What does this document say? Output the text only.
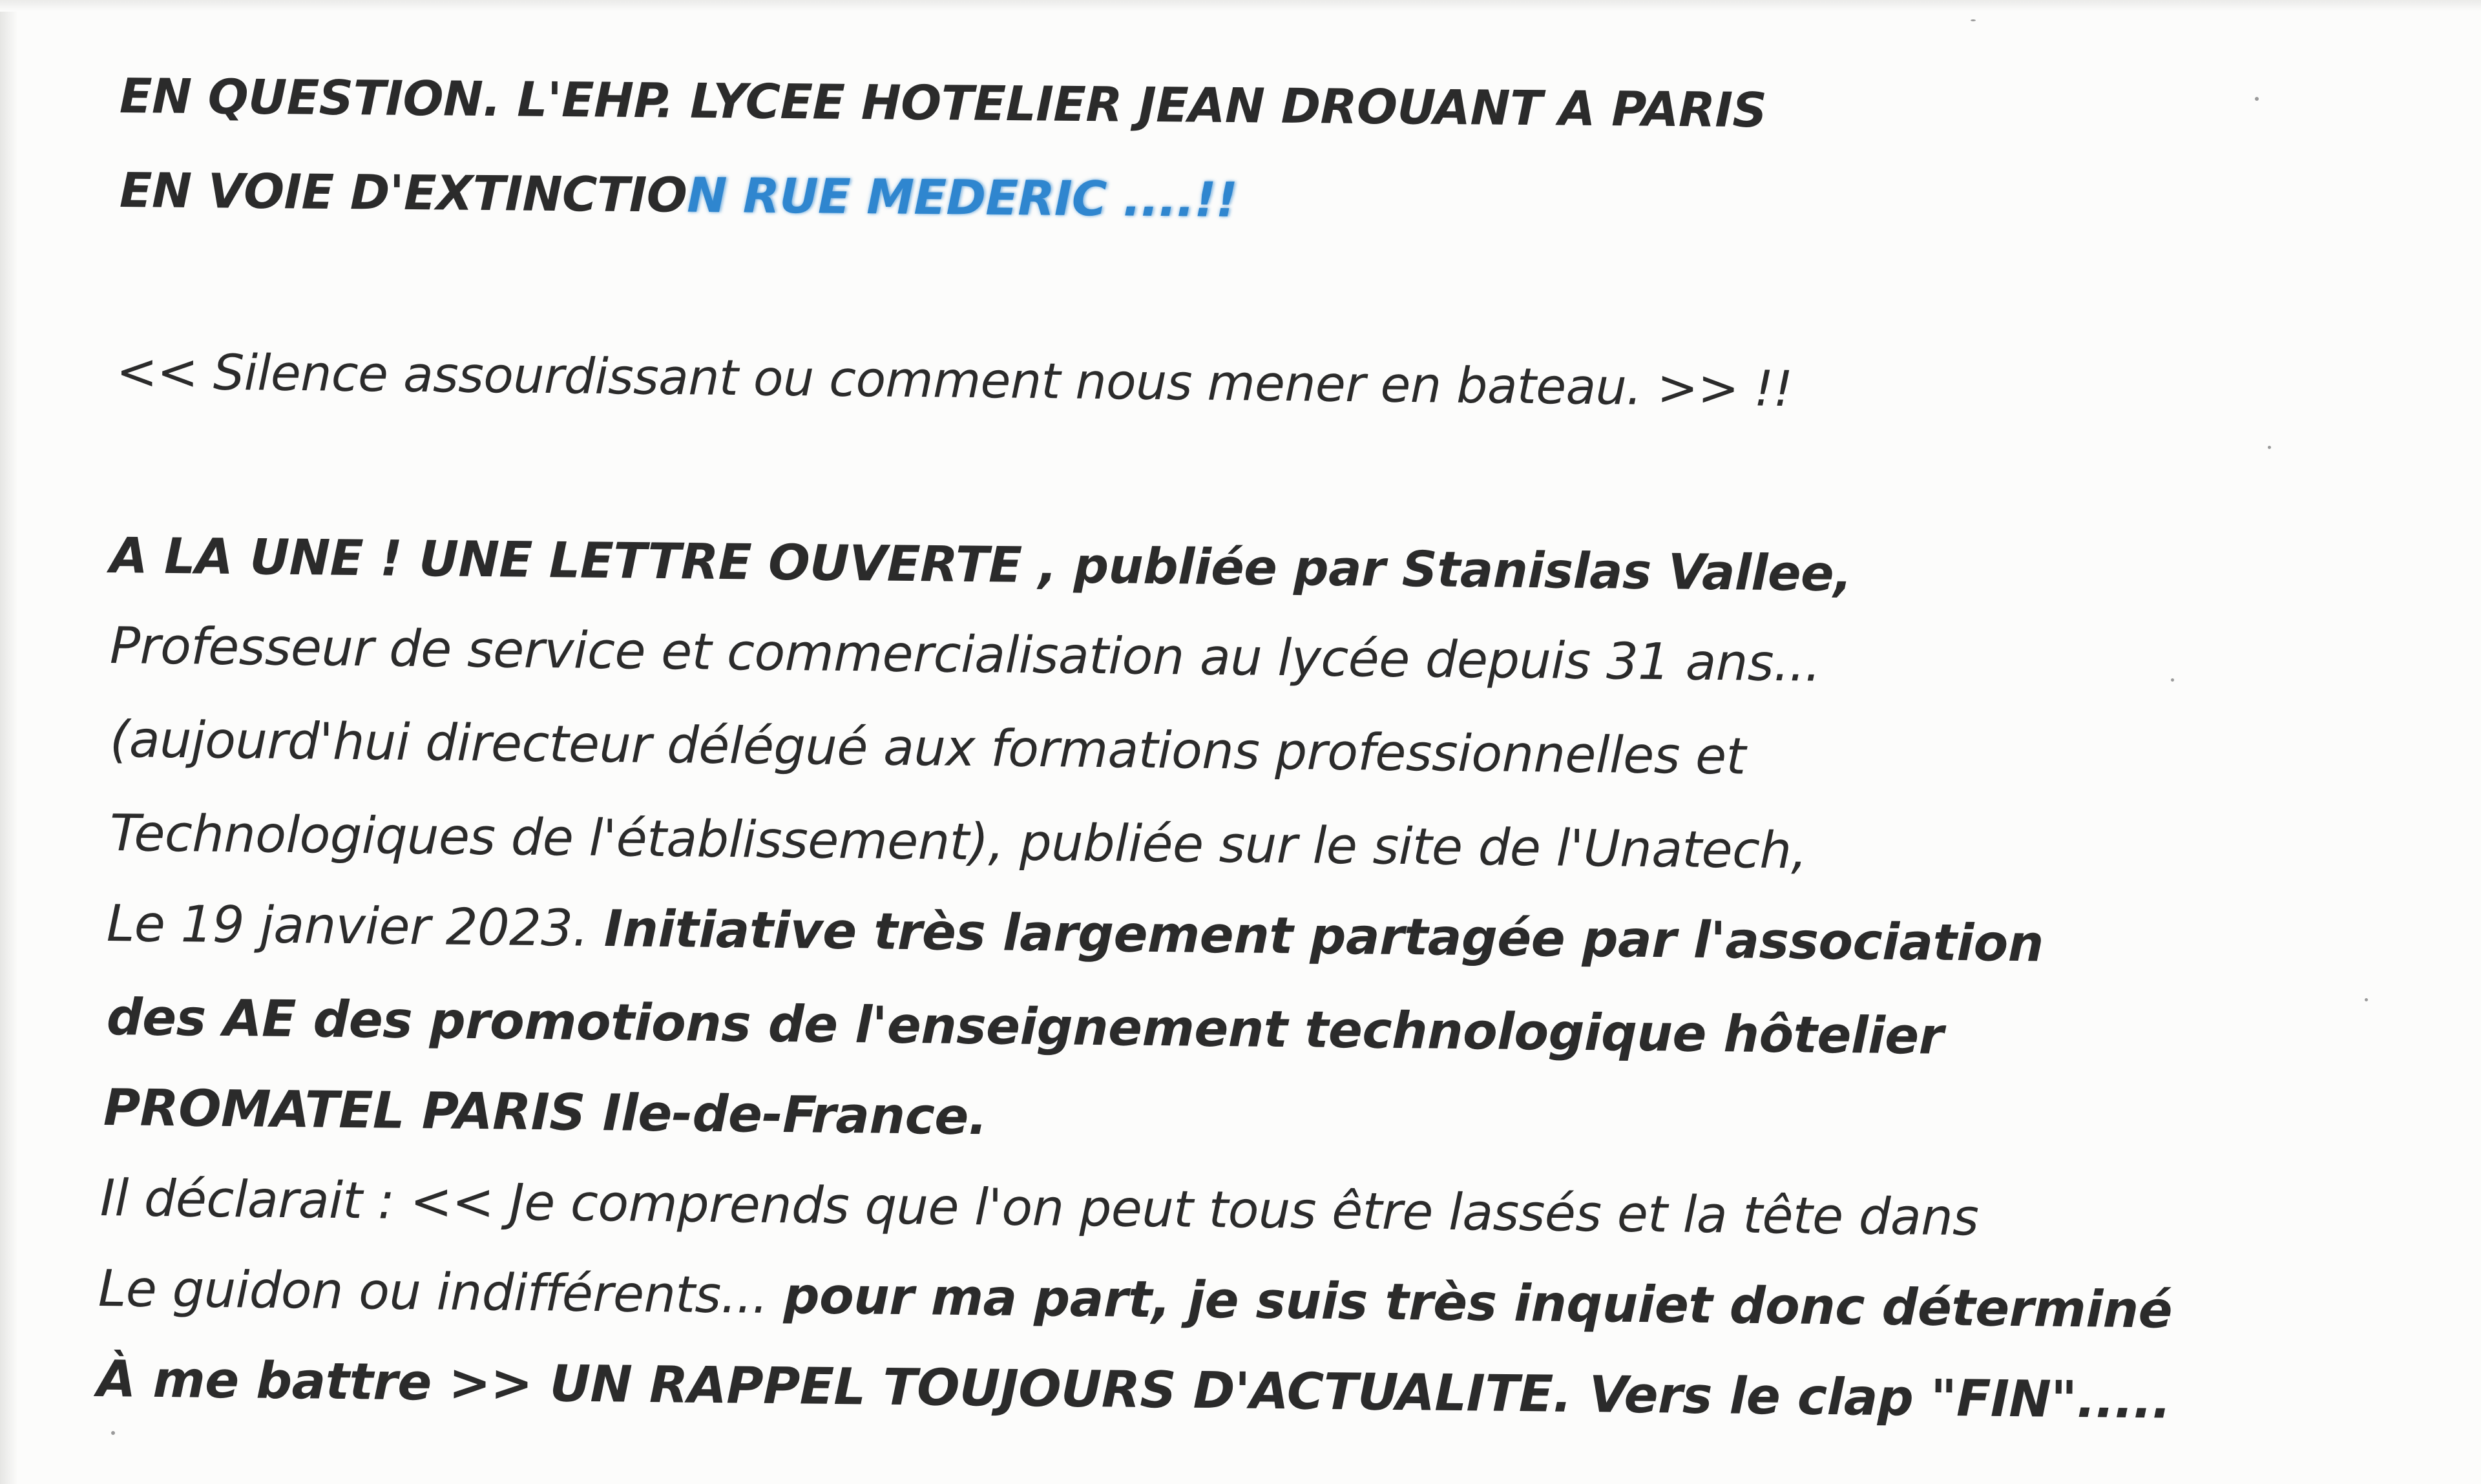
EN QUESTION. L'EHP. LYCEE HOTELIER JEAN DROUANT A PARIS
EN VOIE D'EXTINCTION RUE MEDERIC ....!!
<< Silence assourdissant ou comment nous mener en bateau. >> !!
A LA UNE ! UNE LETTRE OUVERTE , publiée par Stanislas Vallee,
Professeur de service et commercialisation au lycée depuis 31 ans...
(aujourd'hui directeur délégué aux formations professionnelles et
Technologiques de l'établissement), publiée sur le site de l'Unatech,
Le 19 janvier 2023. Initiative très largement partagée par l'association
des AE des promotions de l'enseignement technologique hôtelier
PROMATEL PARIS Ile-de-France.
Il déclarait : << Je comprends que l'on peut tous être lassés et la tête dans
Le guidon ou indifférents... pour ma part, je suis très inquiet donc déterminé
À me battre >> UN RAPPEL TOUJOURS D'ACTUALITE. Vers le clap "FIN".....
